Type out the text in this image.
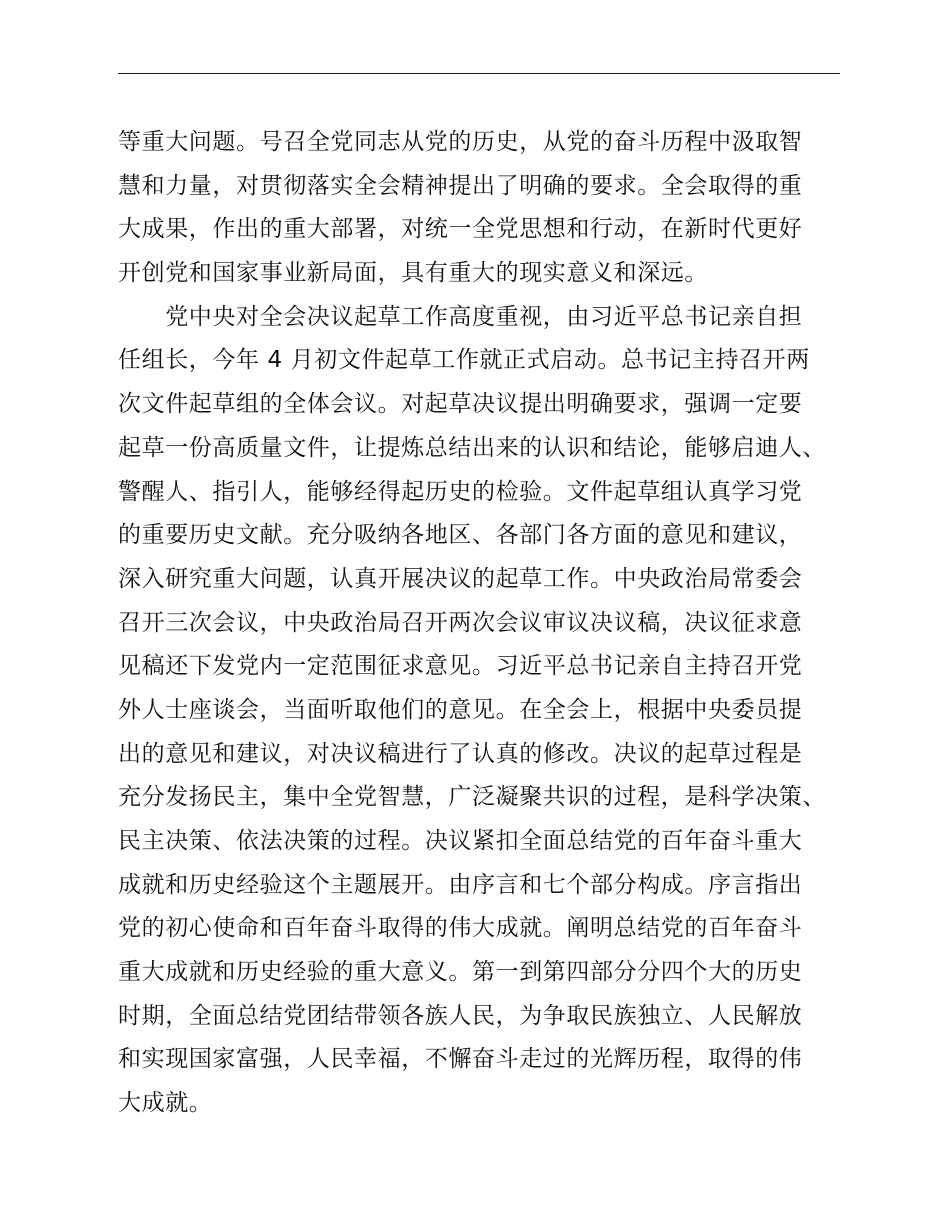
等重大问题。号召全党同志从党的历史，从党的奋斗历程中汲取智
慧和力量，对贯彻落实全会精神提出了明确的要求。全会取得的重
大成果，作出的重大部署，对统一全党思想和行动，在新时代更好
开创党和国家事业新局面，具有重大的现实意义和深远。
　　党中央对全会决议起草工作高度重视，由习近平总书记亲自担
任组长，今年 4 月初文件起草工作就正式启动。总书记主持召开两
次文件起草组的全体会议。对起草决议提出明确要求，强调一定要
起草一份高质量文件，让提炼总结出来的认识和结论，能够启迪人、
警醒人、指引人，能够经得起历史的检验。文件起草组认真学习党
的重要历史文献。充分吸纳各地区、各部门各方面的意见和建议，
深入研究重大问题，认真开展决议的起草工作。中央政治局常委会
召开三次会议，中央政治局召开两次会议审议决议稿，决议征求意
见稿还下发党内一定范围征求意见。习近平总书记亲自主持召开党
外人士座谈会，当面听取他们的意见。在全会上，根据中央委员提
出的意见和建议，对决议稿进行了认真的修改。决议的起草过程是
充分发扬民主，集中全党智慧，广泛凝聚共识的过程，是科学决策、
民主决策、依法决策的过程。决议紧扣全面总结党的百年奋斗重大
成就和历史经验这个主题展开。由序言和七个部分构成。序言指出
党的初心使命和百年奋斗取得的伟大成就。阐明总结党的百年奋斗
重大成就和历史经验的重大意义。第一到第四部分分四个大的历史
时期，全面总结党团结带领各族人民，为争取民族独立、人民解放
和实现国家富强，人民幸福，不懈奋斗走过的光辉历程，取得的伟
大成就。
